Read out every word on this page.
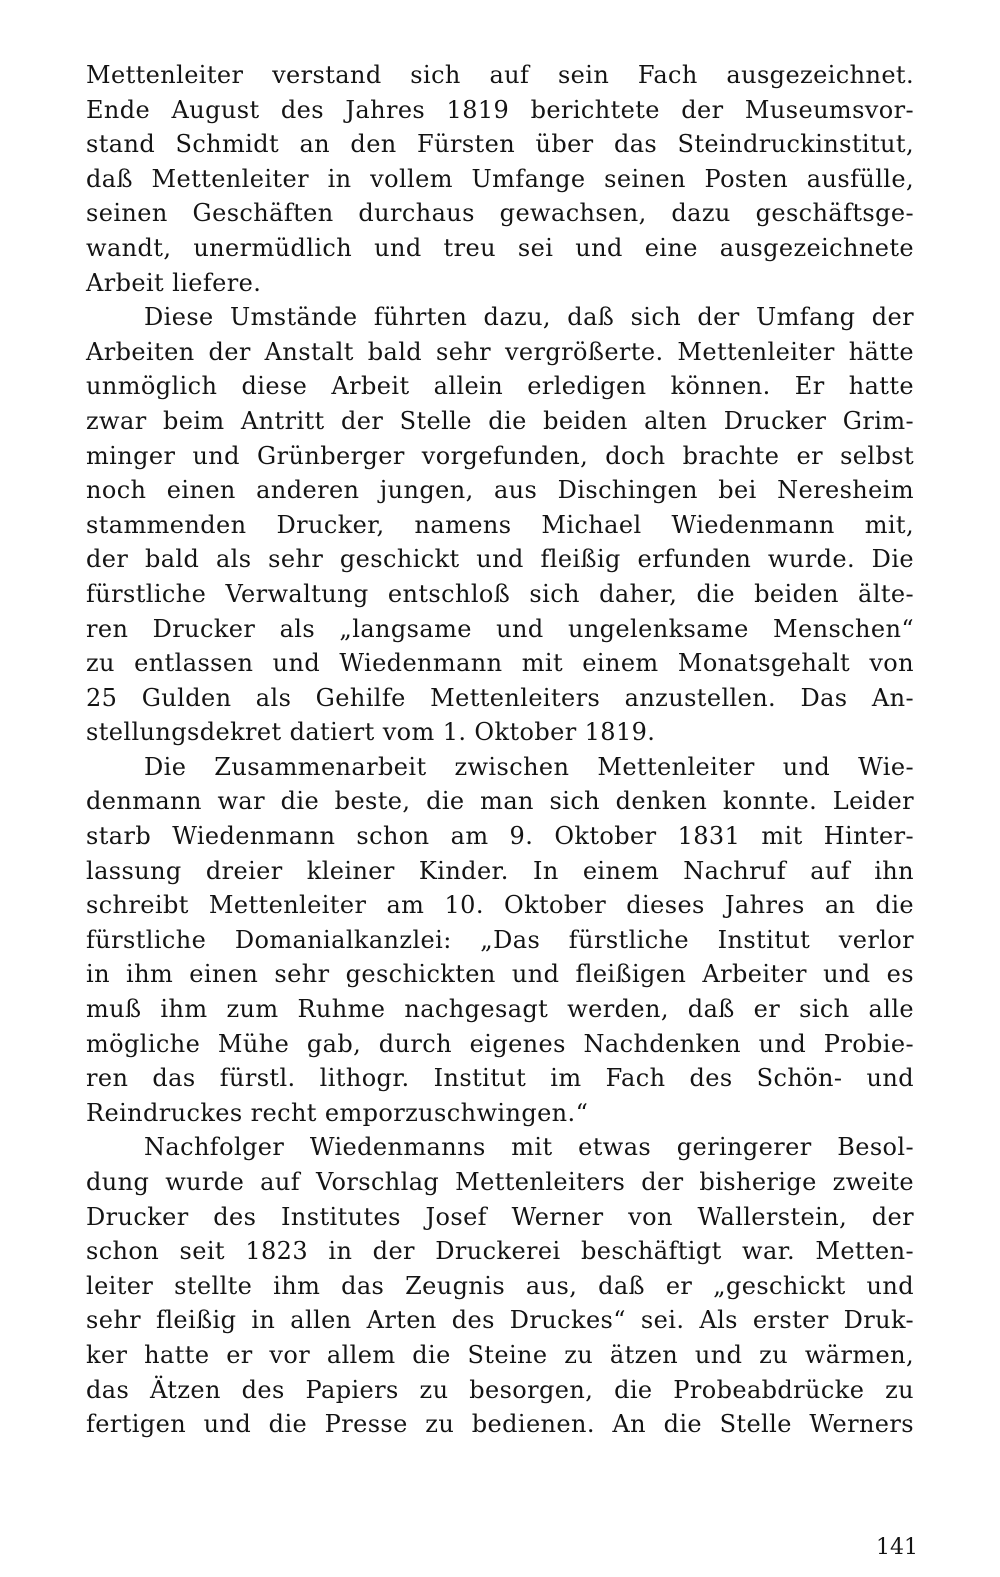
Mettenleiter verstand sich auf sein Fach ausgezeichnet.
Ende August des Jahres 1819 berichtete der Museumsvor-
stand Schmidt an den Fürsten über das Steindruckinstitut,
daß Mettenleiter in vollem Umfange seinen Posten ausfülle,
seinen Geschäften durchaus gewachsen, dazu geschäftsge-
wandt, unermüdlich und treu sei und eine ausgezeichnete
Arbeit liefere.
Diese Umstände führten dazu, daß sich der Umfang der
Arbeiten der Anstalt bald sehr vergrößerte. Mettenleiter hätte
unmöglich diese Arbeit allein erledigen können. Er hatte
zwar beim Antritt der Stelle die beiden alten Drucker Grim-
minger und Grünberger vorgefunden, doch brachte er selbst
noch einen anderen jungen, aus Dischingen bei Neresheim
stammenden Drucker, namens Michael Wiedenmann mit,
der bald als sehr geschickt und fleißig erfunden wurde. Die
fürstliche Verwaltung entschloß sich daher, die beiden älte-
ren Drucker als „langsame und ungelenksame Menschen“
zu entlassen und Wiedenmann mit einem Monatsgehalt von
25 Gulden als Gehilfe Mettenleiters anzustellen. Das An-
stellungsdekret datiert vom 1. Oktober 1819.
Die Zusammenarbeit zwischen Mettenleiter und Wie-
denmann war die beste, die man sich denken konnte. Leider
starb Wiedenmann schon am 9. Oktober 1831 mit Hinter-
lassung dreier kleiner Kinder. In einem Nachruf auf ihn
schreibt Mettenleiter am 10. Oktober dieses Jahres an die
fürstliche Domanialkanzlei: „Das fürstliche Institut verlor
in ihm einen sehr geschickten und fleißigen Arbeiter und es
muß ihm zum Ruhme nachgesagt werden, daß er sich alle
mögliche Mühe gab, durch eigenes Nachdenken und Probie-
ren das fürstl. lithogr. Institut im Fach des Schön- und
Reindruckes recht emporzuschwingen.“
Nachfolger Wiedenmanns mit etwas geringerer Besol-
dung wurde auf Vorschlag Mettenleiters der bisherige zweite
Drucker des Institutes Josef Werner von Wallerstein, der
schon seit 1823 in der Druckerei beschäftigt war. Metten-
leiter stellte ihm das Zeugnis aus, daß er „geschickt und
sehr fleißig in allen Arten des Druckes“ sei. Als erster Druk-
ker hatte er vor allem die Steine zu ätzen und zu wärmen,
das Ätzen des Papiers zu besorgen, die Probeabdrücke zu
fertigen und die Presse zu bedienen. An die Stelle Werners
141
